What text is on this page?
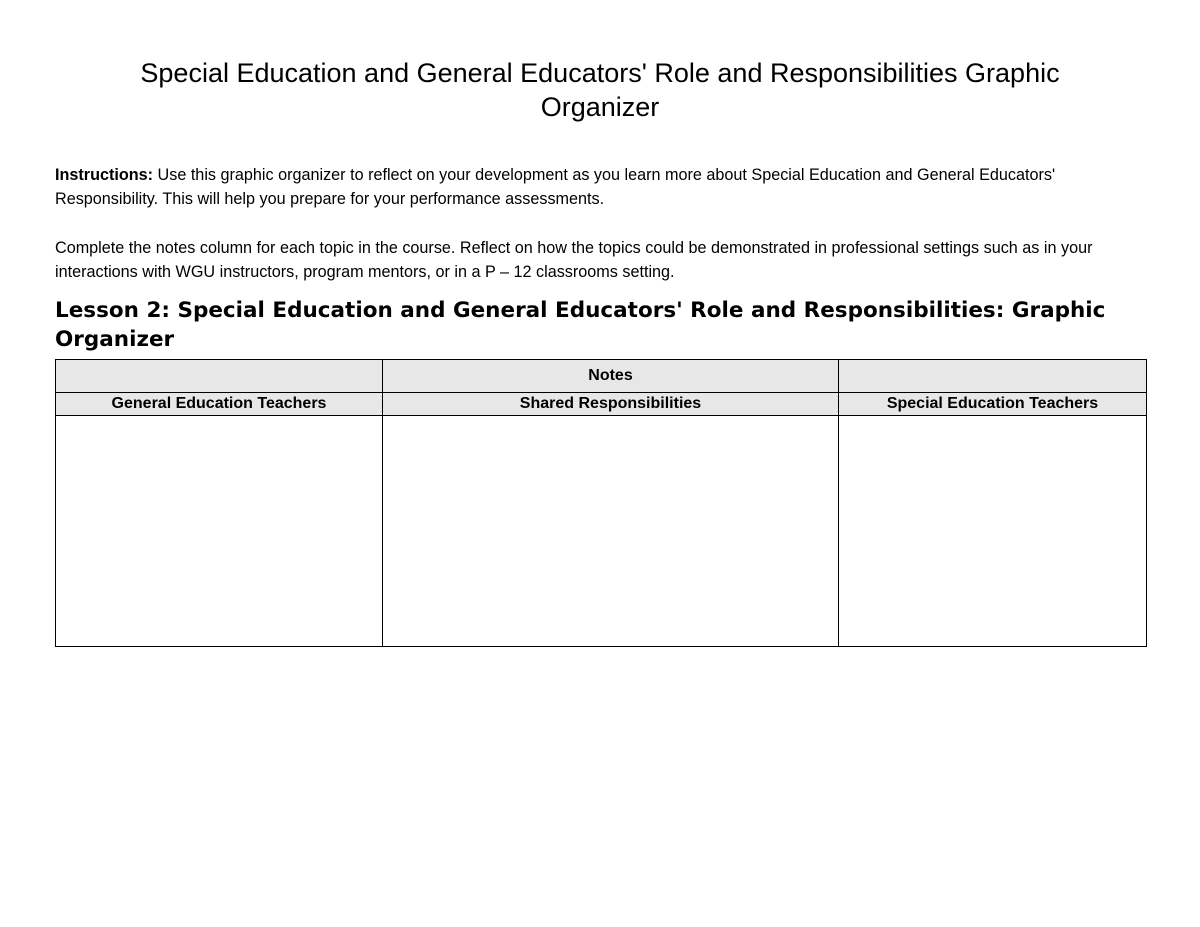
Special Education and General Educators' Role and Responsibilities Graphic Organizer

Instructions: Use this graphic organizer to reflect on your development as you learn more about Special Education and General Educators' Responsibility. This will help you prepare for your performance assessments.

Complete the notes column for each topic in the course. Reflect on how the topics could be demonstrated in professional settings such as in your interactions with WGU instructors, program mentors, or in a P – 12 classrooms setting.

Lesson 2: Special Education and General Educators' Role and Responsibilities: Graphic Organizer
	Notes	
General Education Teachers	Shared Responsibilities	Special Education Teachers
